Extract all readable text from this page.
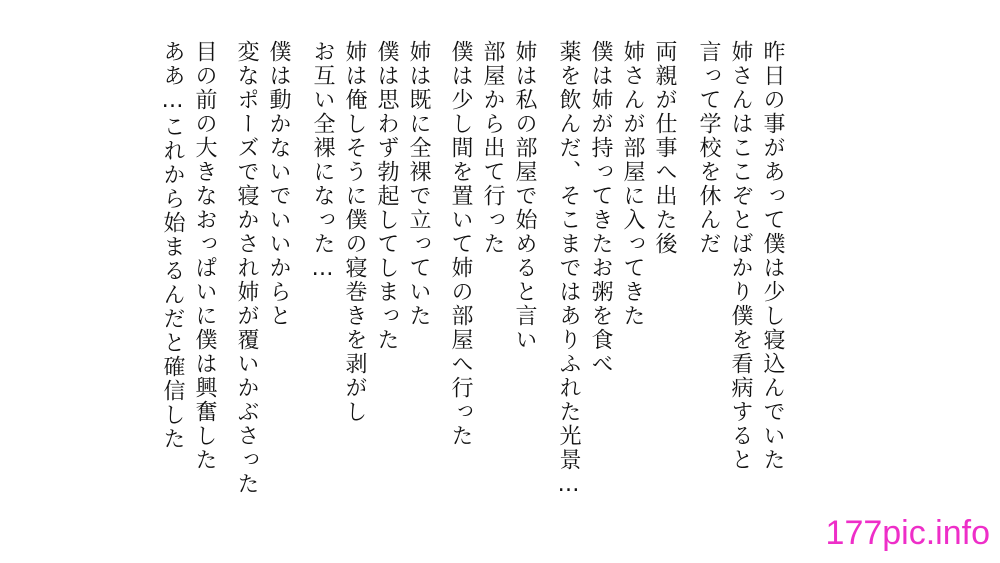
昨日の事があって僕は少し寝込んでいた
姉さんはここぞとばかり僕を看病すると
言って学校を休んだ
両親が仕事へ出た後
姉さんが部屋に入ってきた
僕は姉が持ってきたお粥を食べ
薬を飲んだ、そこまではありふれた光景…
姉は私の部屋で始めると言い
部屋から出て行った
僕は少し間を置いて姉の部屋へ行った
姉は既に全裸で立っていた
僕は思わず勃起してしまった
姉は俺しそうに僕の寝巻きを剥がし
お互い全裸になった…
僕は動かないでいいからと
変なポーズで寝かされ姉が覆いかぶさった
目の前の大きなおっぱいに僕は興奮した
ああ…これから始まるんだと確信した
177pic.info
